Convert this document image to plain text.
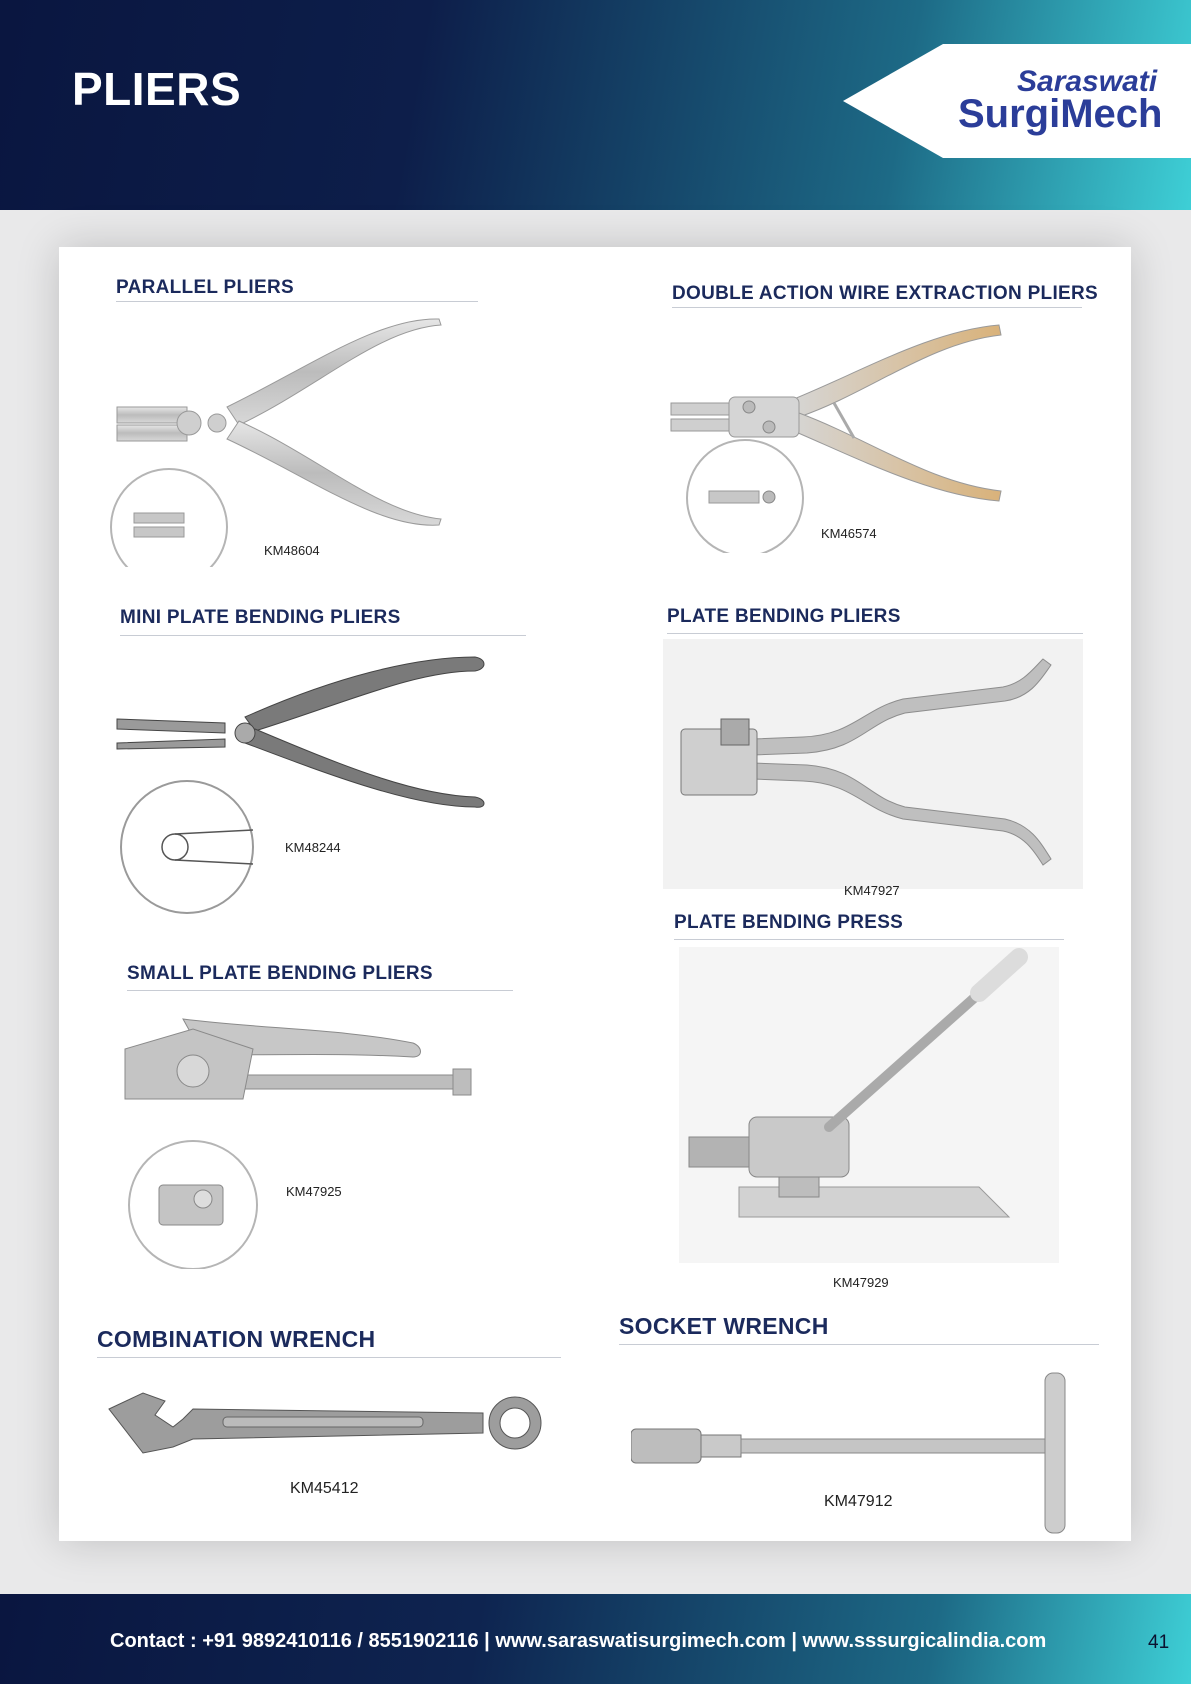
PLIERS	Saraswati
SurgiMech
PARALLEL PLIERS
KM48604
DOUBLE ACTION WIRE EXTRACTION PLIERS
KM46574
MINI PLATE BENDING PLIERS
KM48244
PLATE BENDING PLIERS
KM47927
PLATE BENDING PRESS
KM47929
SMALL PLATE BENDING PLIERS
KM47925
COMBINATION WRENCH
KM45412
SOCKET WRENCH
KM47912
Contact : +91 9892410116 / 8551902116 | www.saraswatisurgimech.com | www.sssurgicalindia.com	41
